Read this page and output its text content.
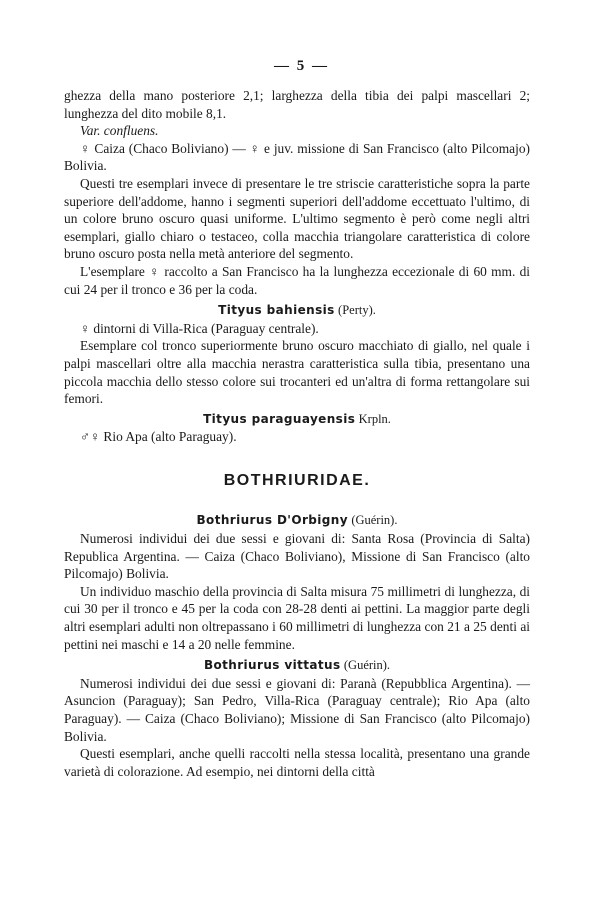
— 5 —

ghezza della mano posteriore 2,1; larghezza della tibia dei palpi mascellari 2; lunghezza del dito mobile 8,1.

Var. confluens.

♀ Caiza (Chaco Boliviano) — ♀ e juv. missione di San Francisco (alto Pilcomajo) Bolivia.

Questi tre esemplari invece di presentare le tre striscie caratteristiche sopra la parte superiore dell'addome, hanno i segmenti superiori dell'addome eccettuato l'ultimo, di un colore bruno oscuro quasi uniforme. L'ultimo segmento è però come negli altri esemplari, giallo chiaro o testaceo, colla macchia triangolare caratteristica di colore bruno oscuro posta nella metà anteriore del segmento.

L'esemplare ♀ raccolto a San Francisco ha la lunghezza eccezionale di 60 mm. di cui 24 per il tronco e 36 per la coda.

Tityus bahiensis (Perty).

♀ dintorni di Villa-Rica (Paraguay centrale).

Esemplare col tronco superiormente bruno oscuro macchiato di giallo, nel quale i palpi mascellari oltre alla macchia nerastra caratteristica sulla tibia, presentano una piccola macchia dello stesso colore sui trocanteri ed un'altra di forma rettangolare sui femori.

Tityus paraguayensis Krpln.

♂♀ Rio Apa (alto Paraguay).

BOTHRIURIDAE.

Bothriurus D'Orbigny (Guérin).

Numerosi individui dei due sessi e giovani di: Santa Rosa (Provincia di Salta) Republica Argentina. — Caiza (Chaco Boliviano), Missione di San Francisco (alto Pilcomajo) Bolivia.

Un individuo maschio della provincia di Salta misura 75 millimetri di lunghezza, di cui 30 per il tronco e 45 per la coda con 28-28 denti ai pettini. La maggior parte degli altri esemplari adulti non oltrepassano i 60 millimetri di lunghezza con 21 a 25 denti ai pettini nei maschi e 14 a 20 nelle femmine.

Bothriurus vittatus (Guérin).

Numerosi individui dei due sessi e giovani di: Paranà (Repubblica Argentina). — Asuncion (Paraguay); San Pedro, Villa-Rica (Paraguay centrale); Rio Apa (alto Paraguay). — Caiza (Chaco Boliviano); Missione di San Francisco (alto Pilcomajo) Bolivia.

Questi esemplari, anche quelli raccolti nella stessa località, presentano una grande varietà di colorazione. Ad esempio, nei dintorni della città
